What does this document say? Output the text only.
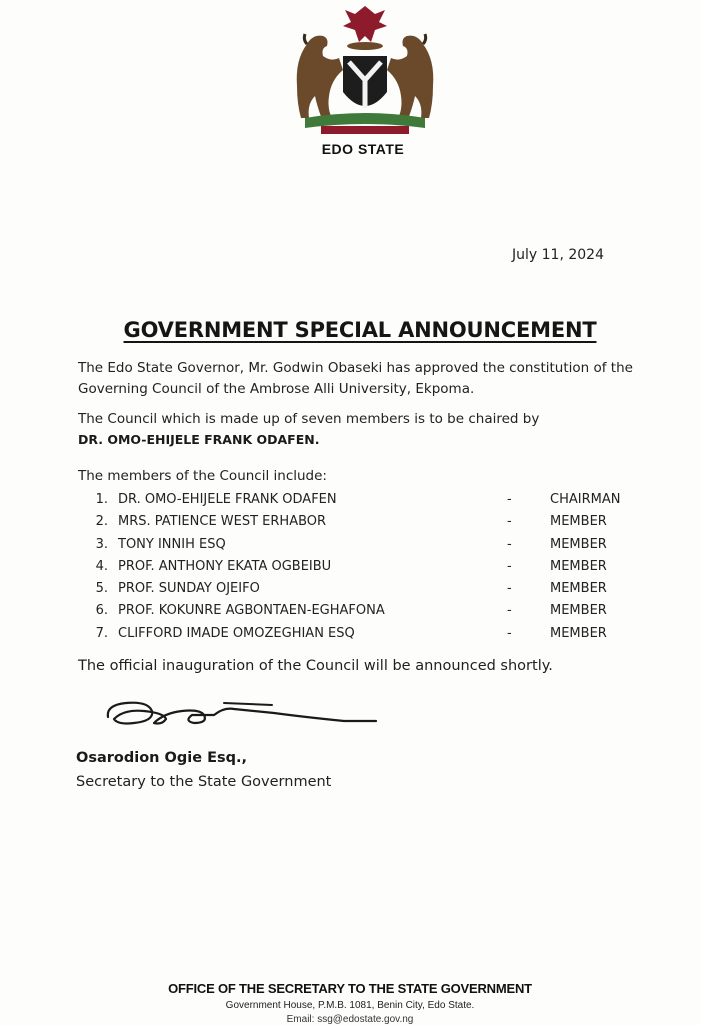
EDO STATE
July 11, 2024
GOVERNMENT SPECIAL ANNOUNCEMENT
The Edo State Governor, Mr. Godwin Obaseki has approved the constitution of the Governing Council of the Ambrose Alli University, Ekpoma.
The Council which is made up of seven members is to be chaired by
DR. OMO-EHIJELE FRANK ODAFEN.
The members of the Council include:
1. DR. OMO-EHIJELE FRANK ODAFEN	-	CHAIRMAN
2. MRS. PATIENCE WEST ERHABOR	-	MEMBER
3. TONY INNIH ESQ	-	MEMBER
4. PROF. ANTHONY EKATA OGBEIBU	-	MEMBER
5. PROF. SUNDAY OJEIFO	-	MEMBER
6. PROF. KOKUNRE AGBONTAEN-EGHAFONA	-	MEMBER
7. CLIFFORD IMADE OMOZEGHIAN ESQ	-	MEMBER
The official inauguration of the Council will be announced shortly.
Osarodion Ogie Esq.,
Secretary to the State Government
OFFICE OF THE SECRETARY TO THE STATE GOVERNMENT
Government House, P.M.B. 1081, Benin City, Edo State.
Email: ssg@edostate.gov.ng
